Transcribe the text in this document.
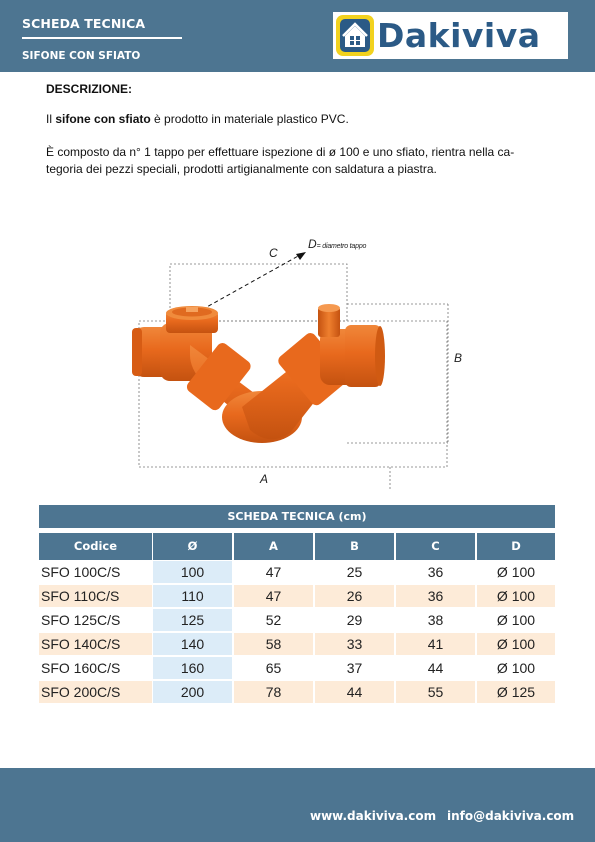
SCHEDA TECNICA
SIFONE CON SFIATO
Dakiviva
DESCRIZIONE:
Il sifone con sfiato è prodotto in materiale plastico PVC.
È composto da n° 1 tappo per effettuare ispezione di ø 100 e uno sfiato, rientra nella ca-
tegoria dei pezzi speciali, prodotti artigianalmente con saldatura a piastra.
C
D= diametro tappo
B
A
SCHEDA TECNICA (cm)
Codice	Ø	A	B	C	D
SFO 100C/S	100	47	25	36	Ø 100
SFO 110C/S	110	47	26	36	Ø 100
SFO 125C/S	125	52	29	38	Ø 100
SFO 140C/S	140	58	33	41	Ø 100
SFO 160C/S	160	65	37	44	Ø 100
SFO 200C/S	200	78	44	55	Ø 125
www.dakiviva.com info@dakiviva.com
